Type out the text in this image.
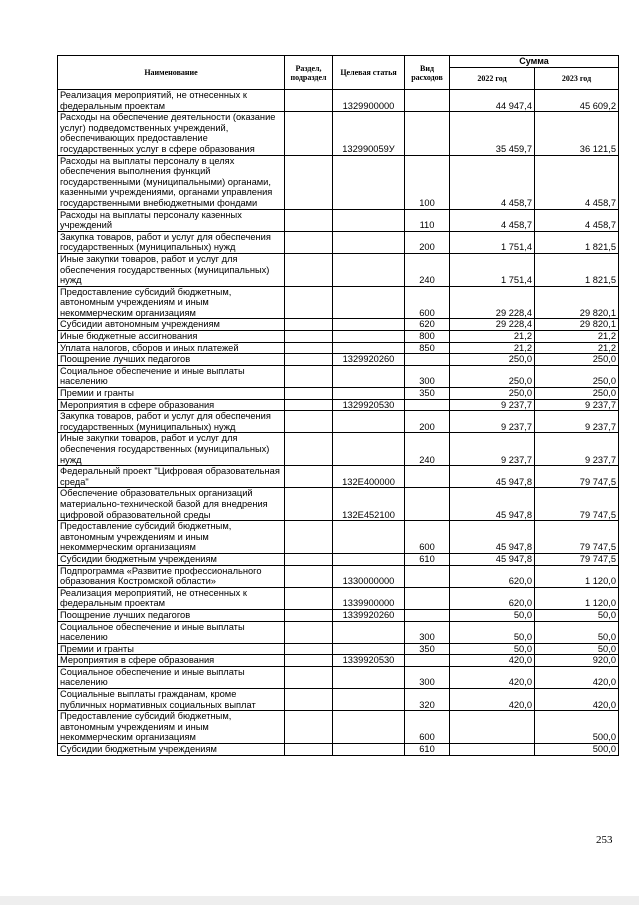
Наименование	Раздел, подраздел	Целевая статья	Вид расходов	Сумма	
				2022 год	2023 год
Реализация мероприятий, не отнесенных к федеральным проектам		1329900000		44 947,4	45 609,2
Расходы на обеспечение деятельности (оказание услуг) подведомственных учреждений, обеспечивающих предоставление государственных услуг в сфере образования		132990059У		35 459,7	36 121,5
Расходы на выплаты персоналу в целях обеспечения выполнения функций государственными (муниципальными) органами, казенными учреждениями, органами управления государственными внебюджетными фондами			100	4 458,7	4 458,7
Расходы на выплаты персоналу казенных учреждений			110	4 458,7	4 458,7
Закупка товаров, работ и услуг для обеспечения государственных (муниципальных) нужд			200	1 751,4	1 821,5
Иные закупки товаров, работ и услуг для обеспечения государственных (муниципальных) нужд			240	1 751,4	1 821,5
Предоставление субсидий бюджетным, автономным учреждениям и иным некоммерческим организациям			600	29 228,4	29 820,1
Субсидии автономным учреждениям			620	29 228,4	29 820,1
Иные бюджетные ассигнования			800	21,2	21,2
Уплата налогов, сборов и иных платежей			850	21,2	21,2
Поощрение лучших педагогов		1329920260		250,0	250,0
Социальное обеспечение и иные выплаты населению			300	250,0	250,0
Премии и гранты			350	250,0	250,0
Мероприятия в сфере образования		1329920530		9 237,7	9 237,7
Закупка товаров, работ и услуг для обеспечения государственных (муниципальных) нужд			200	9 237,7	9 237,7
Иные закупки товаров, работ и услуг для обеспечения государственных (муниципальных) нужд			240	9 237,7	9 237,7
Федеральный проект "Цифровая образовательная среда"		132E400000		45 947,8	79 747,5
Обеспечение образовательных организаций материально-технической базой для внедрения цифровой образовательной среды		132E452100		45 947,8	79 747,5
Предоставление субсидий бюджетным, автономным учреждениям и иным некоммерческим организациям			600	45 947,8	79 747,5
Субсидии бюджетным учреждениям			610	45 947,8	79 747,5
Подпрограмма «Развитие профессионального образования Костромской области»		1330000000		620,0	1 120,0
Реализация мероприятий, не отнесенных к федеральным проектам		1339900000		620,0	1 120,0
Поощрение лучших педагогов		1339920260		50,0	50,0
Социальное обеспечение и иные выплаты населению			300	50,0	50,0
Премии и гранты			350	50,0	50,0
Мероприятия в сфере образования		1339920530		420,0	920,0
Социальное обеспечение и иные выплаты населению			300	420,0	420,0
Социальные выплаты гражданам, кроме публичных нормативных социальных выплат			320	420,0	420,0
Предоставление субсидий бюджетным, автономным учреждениям и иным некоммерческим организациям			600		500,0
Субсидии бюджетным учреждениям			610		500,0
253
